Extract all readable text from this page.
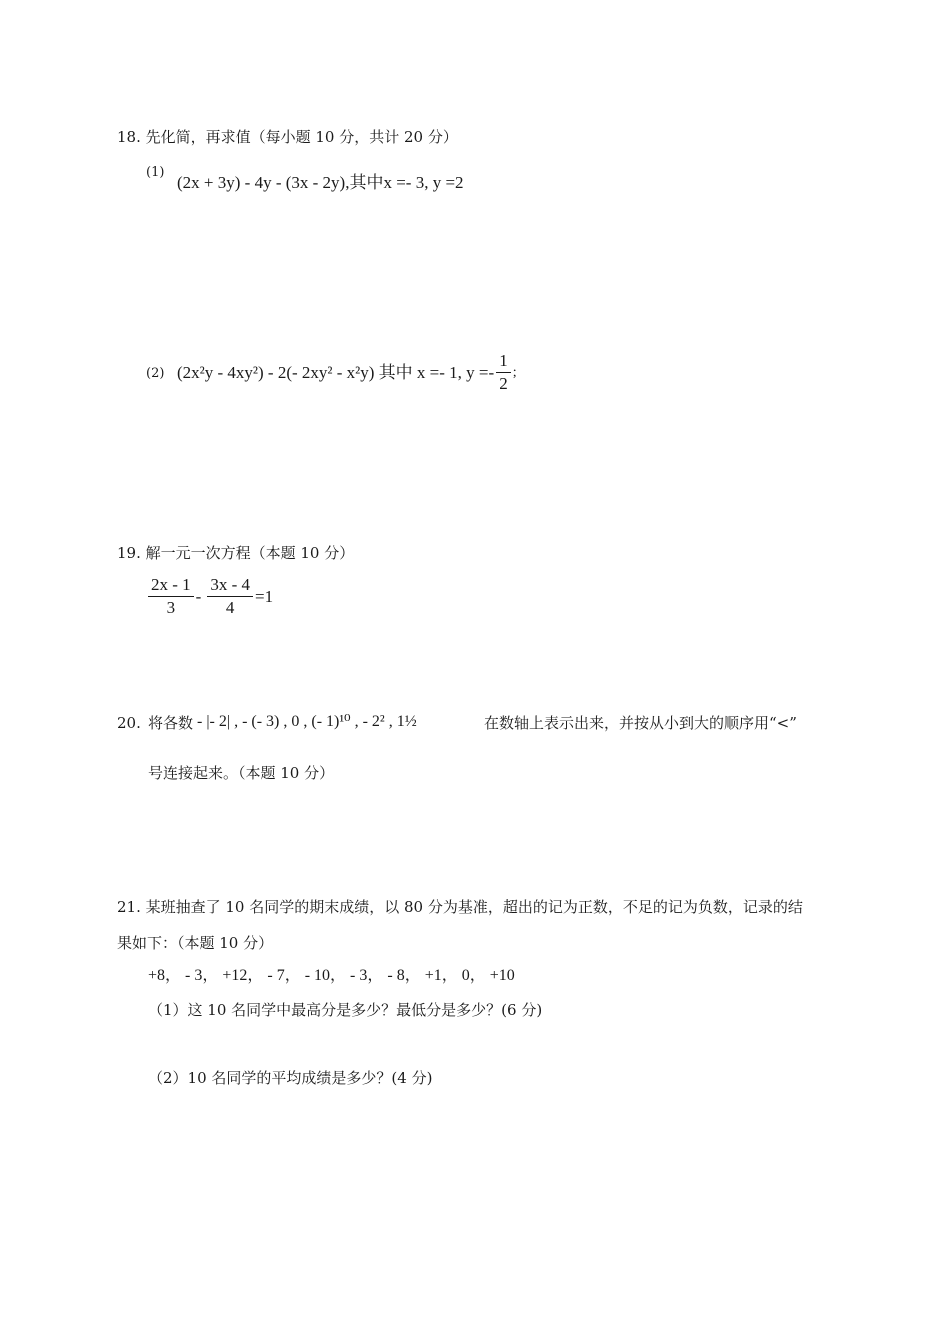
18. 先化简，再求值（每小题 10 分，共计 20 分）
(1)
(2x + 3y) - 4y - (3x - 2y),其中x =- 3, y =2
(2) (2x²y - 4xy²) - 2(- 2xy² - x²y) 其中 x =- 1, $y =- \frac{1}{2}$ ;
19. 解一元一次方程（本题 10 分）
$\frac{2x - 1}{3} - \frac{3x - 4}{4} =1$
20. 将各数 - |- 2| , - (- 3) , 0 , (- 1)¹⁰ , - 2² , 1½	在数轴上表示出来，并按从小到大的顺序用“<”
号连接起来。（本题 10 分）
21. 某班抽查了 10 名同学的期末成绩，以 80 分为基准，超出的记为正数，不足的记为负数，记录的结
果如下：（本题 10 分）
+8， - 3， +12， - 7， - 10， - 3， - 8， +1， 0， +10
（1）这 10 名同学中最高分是多少？最低分是多少？(6 分)
（2）10 名同学的平均成绩是多少？(4 分)
